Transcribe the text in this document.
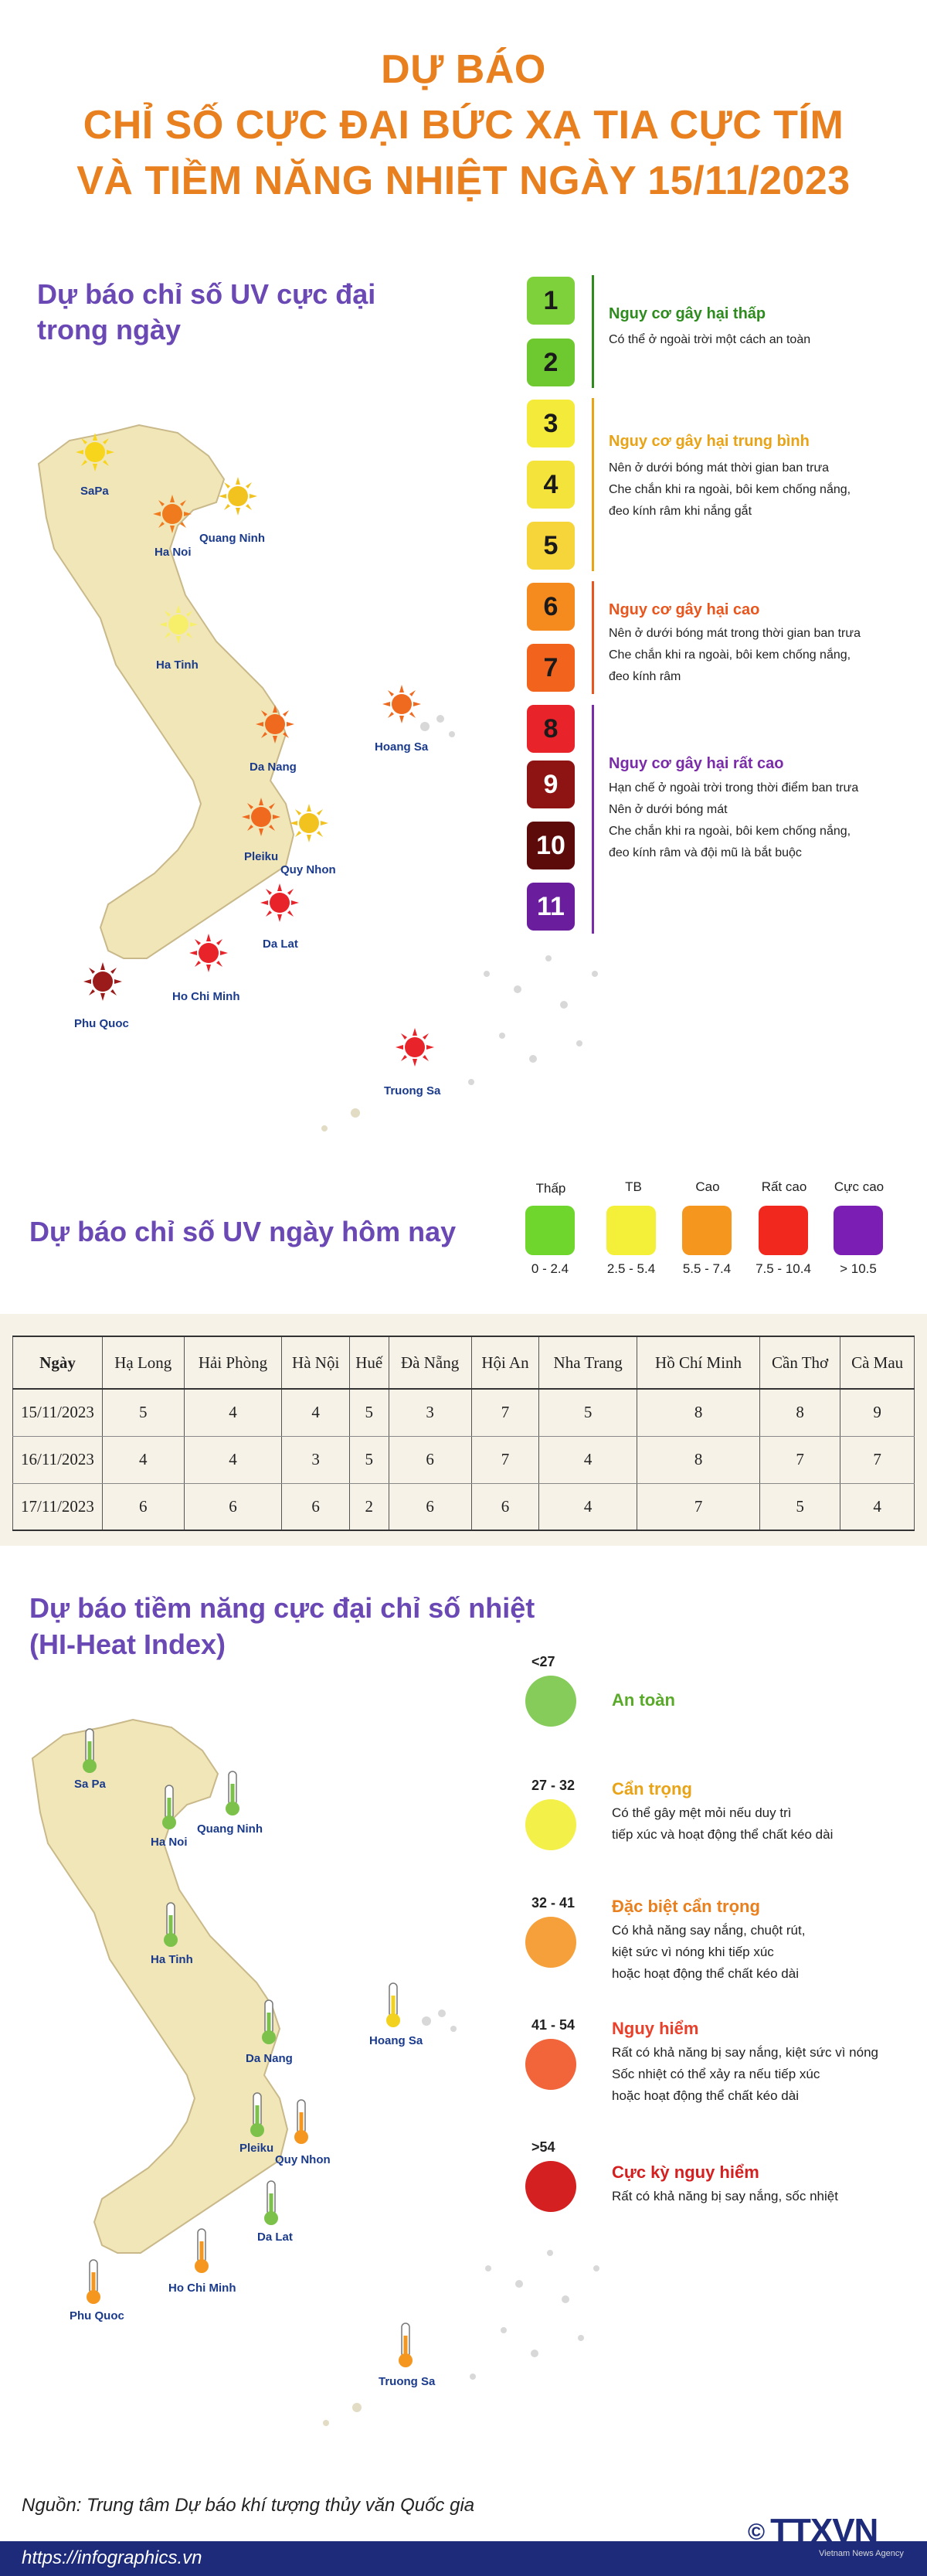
DỰ BÁO
CHỈ SỐ CỰC ĐẠI BỨC XẠ TIA CỰC TÍM
VÀ TIỀM NĂNG NHIỆT NGÀY 15/11/2023
Dự báo chỉ số UV cực đại
trong ngày
SaPa
Quang Ninh
Ha Noi
Ha Tinh
Hoang Sa
Da Nang
Pleiku
Quy Nhon
Da Lat
Ho Chi Minh
Phu Quoc
Truong Sa
1
2
3
4
5
6
7
8
9
10
11
Nguy cơ gây hại thấp
Có thể ở ngoài trời một cách an toàn
Nguy cơ gây hại trung bình
Nên ở dưới bóng mát thời gian ban trưa
Che chắn khi ra ngoài, bôi kem chống nắng,
đeo kính râm khi nắng gắt
Nguy cơ gây hại cao
Nên ở dưới bóng mát trong thời gian ban trưa
Che chắn khi ra ngoài, bôi kem chống nắng,
đeo kính râm
Nguy cơ gây hại rất cao
Hạn chế ở ngoài trời trong thời điểm ban trưa
Nên ở dưới bóng mát
Che chắn khi ra ngoài, bôi kem chống nắng,
đeo kính râm và đội mũ là bắt buộc
Dự báo chỉ số UV ngày hôm nay
Thấp	TB	Cao	Rất cao	Cực cao
0 - 2.4	2.5 - 5.4	5.5 - 7.4	7.5 - 10.4	> 10.5
Ngày	Hạ Long	Hải Phòng	Hà Nội	Huế	Đà Nẵng	Hội An	Nha Trang	Hồ Chí Minh	Cần Thơ	Cà Mau
15/11/2023	5	4	4	5	3	7	5	8	8	9
16/11/2023	4	4	3	5	6	7	4	8	7	7
17/11/2023	6	6	6	2	6	6	4	7	5	4
Dự báo tiềm năng cực đại chỉ số nhiệt
(HI-Heat Index)
Sa Pa
Quang Ninh
Ha Noi
Ha Tinh
Hoang Sa
Da Nang
Pleiku
Quy Nhon
Da Lat
Ho Chi Minh
Phu Quoc
Truong Sa
<27
An toàn
27 - 32 Cẩn trọng
Có thể gây mệt mỏi nếu duy trì
tiếp xúc và hoạt động thể chất kéo dài
32 - 41 Đặc biệt cẩn trọng
Có khả năng say nắng, chuột rút,
kiệt sức vì nóng khi tiếp xúc
hoặc hoạt động thể chất kéo dài
41 - 54 Nguy hiểm
Rất có khả năng bị say nắng, kiệt sức vì nóng
Sốc nhiệt có thể xảy ra nếu tiếp xúc
hoặc hoạt động thể chất kéo dài
>54
Cực kỳ nguy hiểm
Rất có khả năng bị say nắng, sốc nhiệt
Nguồn: Trung tâm Dự báo khí tượng thủy văn Quốc gia
https://infographics.vn
© TTXVN
Vietnam News Agency
